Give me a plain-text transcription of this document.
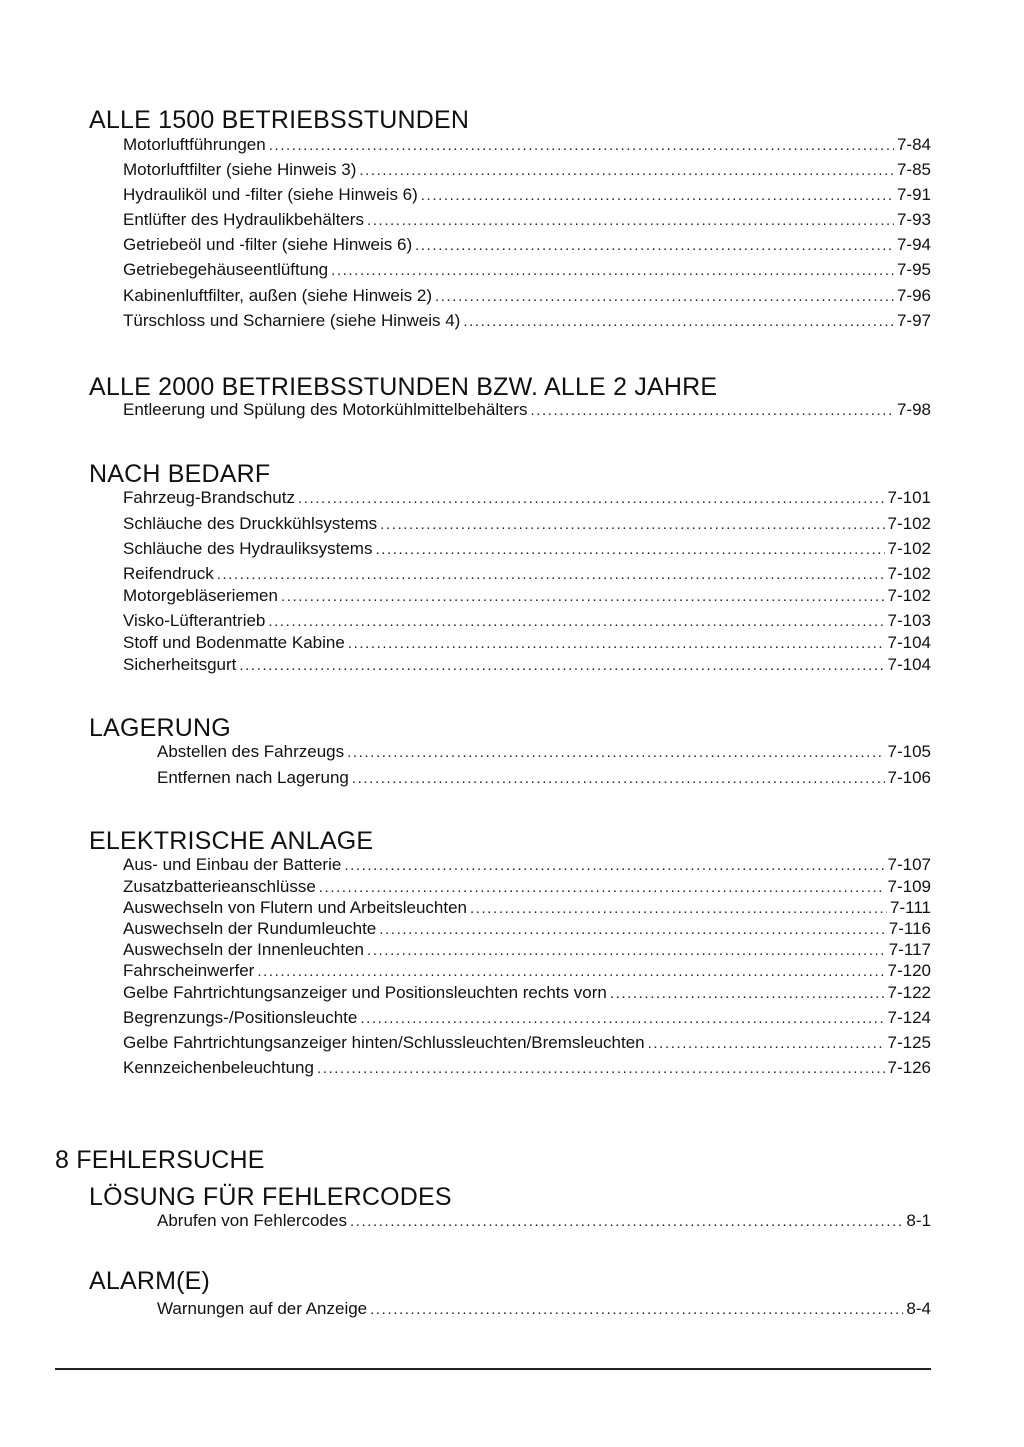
ALLE 1500 BETRIEBSSTUNDEN
Motorluftführungen .....	7-84
Motorluftfilter (siehe Hinweis 3) .....	7-85
Hydrauliköl und -filter (siehe Hinweis 6) .....	7-91
Entlüfter des Hydraulikbehälters .....	7-93
Getriebeöl und -filter (siehe Hinweis 6) .....	7-94
Getriebegehäuseentlüftung .....	7-95
Kabinenluftfilter, außen (siehe Hinweis 2) .....	7-96
Türschloss und Scharniere (siehe Hinweis 4) .....	7-97
ALLE 2000 BETRIEBSSTUNDEN BZW. ALLE 2 JAHRE
Entleerung und Spülung des Motorkühlmittelbehälters .....	7-98
NACH BEDARF
Fahrzeug-Brandschutz .....	7-101
Schläuche des Druckkühlsystems .....	7-102
Schläuche des Hydrauliksystems .....	7-102
Reifendruck .....	7-102
Motorgebläseriemen .....	7-102
Visko-Lüfterantrieb .....	7-103
Stoff und Bodenmatte Kabine .....	7-104
Sicherheitsgurt .....	7-104
LAGERUNG
Abstellen des Fahrzeugs .....	7-105
Entfernen nach Lagerung .....	7-106
ELEKTRISCHE ANLAGE
Aus- und Einbau der Batterie .....	7-107
Zusatzbatterieanschlüsse .....	7-109
Auswechseln von Flutern und Arbeitsleuchten .....	7-111
Auswechseln der Rundumleuchte .....	7-116
Auswechseln der Innenleuchten .....	7-117
Fahrscheinwerfer .....	7-120
Gelbe Fahrtrichtungsanzeiger und Positionsleuchten rechts vorn .....	7-122
Begrenzungs-/Positionsleuchte .....	7-124
Gelbe Fahrtrichtungsanzeiger hinten/Schlussleuchten/Bremsleuchten .....	7-125
Kennzeichenbeleuchtung .....	7-126
8 FEHLERSUCHE
LÖSUNG FÜR FEHLERCODES
Abrufen von Fehlercodes .....	8-1
ALARM(E)
Warnungen auf der Anzeige .....	8-4
